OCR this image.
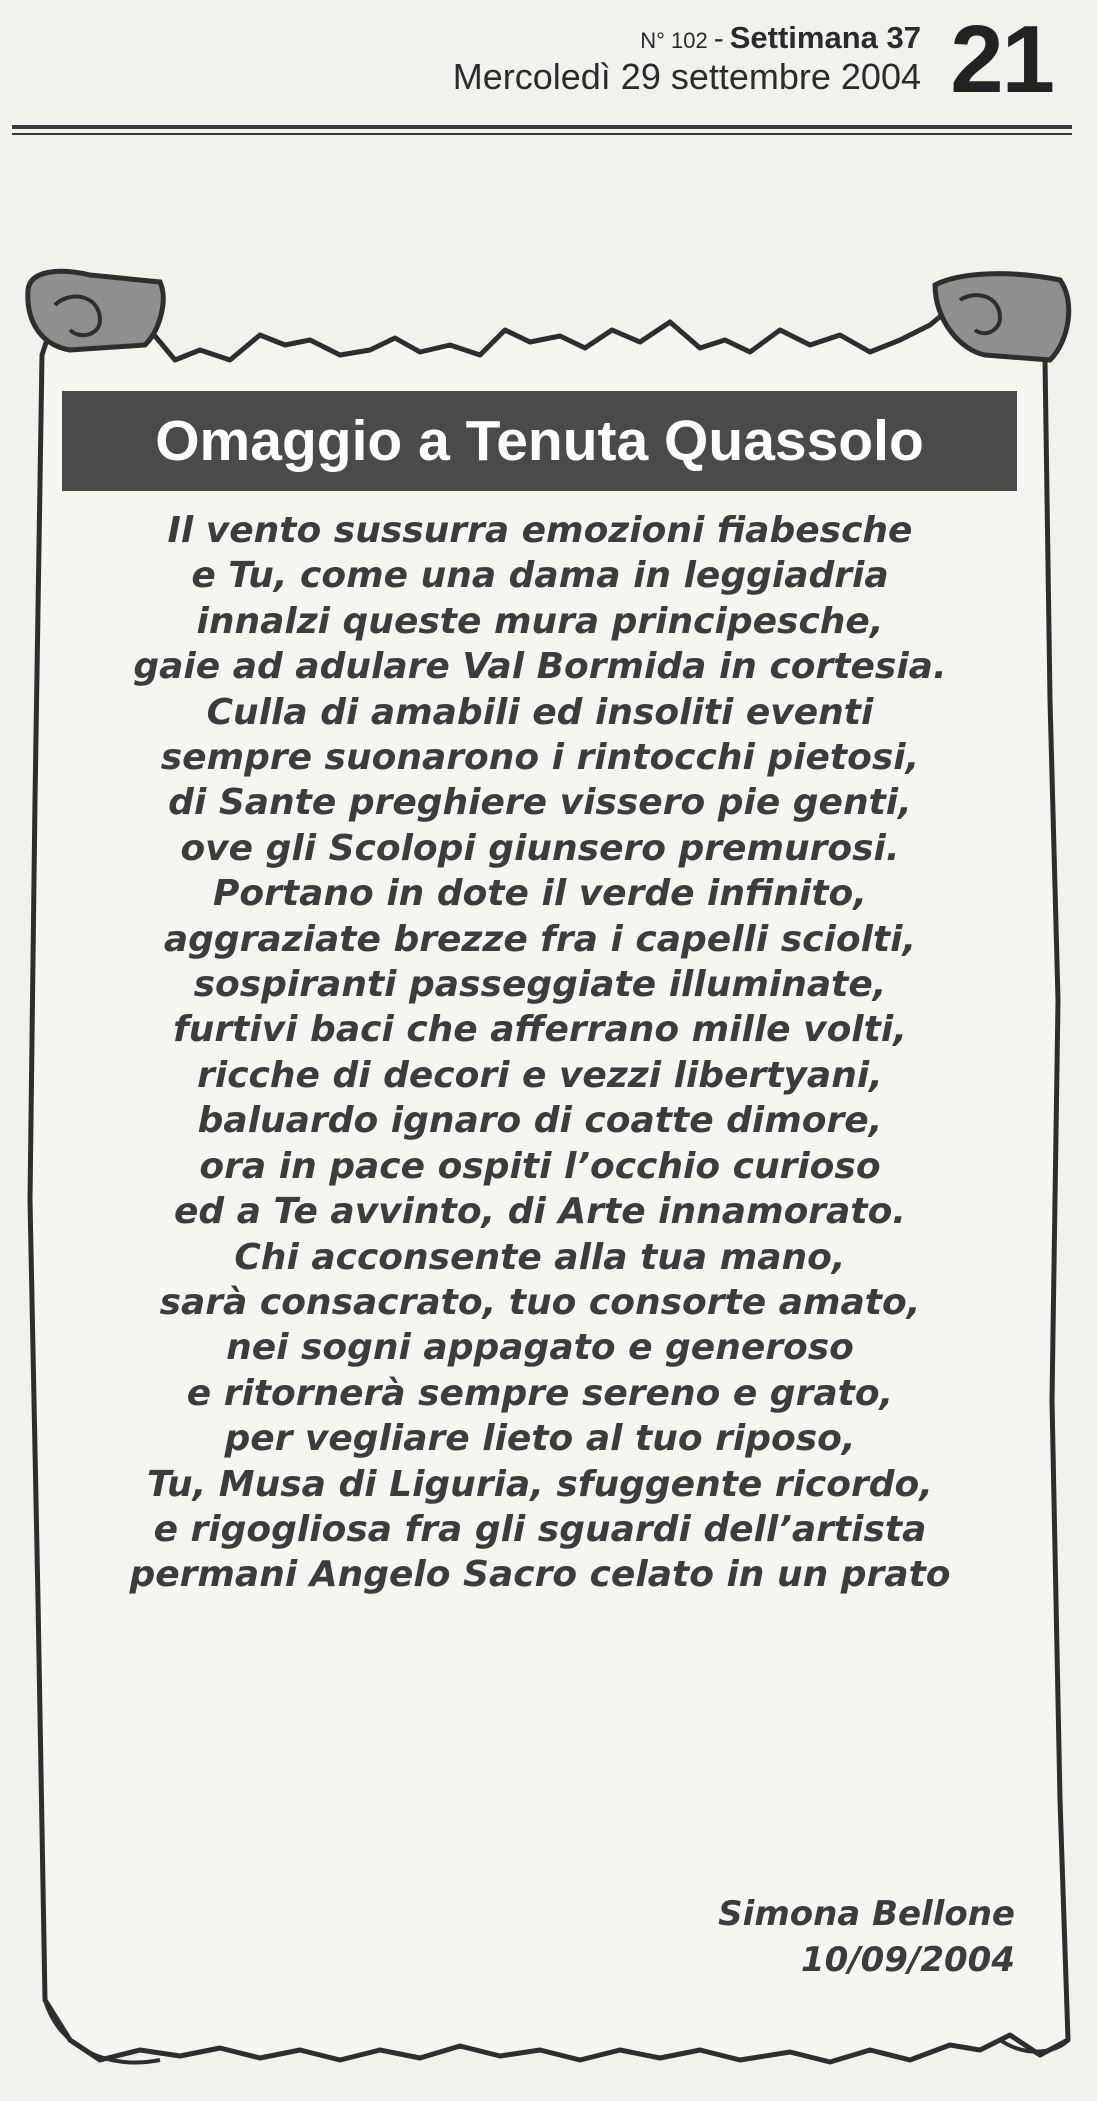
N° 102 - Settimana 37
Mercoledì 29 settembre 2004 21
Omaggio a Tenuta Quassolo
Il vento sussurra emozioni fiabesche
e Tu, come una dama in leggiadria
innalzi queste mura principesche,
gaie ad adulare Val Bormida in cortesia.
Culla di amabili ed insoliti eventi
sempre suonarono i rintocchi pietosi,
di Sante preghiere vissero pie genti,
ove gli Scolopi giunsero premurosi.
Portano in dote il verde infinito,
aggraziate brezze fra i capelli sciolti,
sospiranti passeggiate illuminate,
furtivi baci che afferrano mille volti,
ricche di decori e vezzi libertyani,
baluardo ignaro di coatte dimore,
ora in pace ospiti l’occhio curioso
ed a Te avvinto, di Arte innamorato.
Chi acconsente alla tua mano,
sarà consacrato, tuo consorte amato,
nei sogni appagato e generoso
e ritornerà sempre sereno e grato,
per vegliare lieto al tuo riposo,
Tu, Musa di Liguria, sfuggente ricordo,
e rigogliosa fra gli sguardi dell’artista
permani Angelo Sacro celato in un prato
Simona Bellone
10/09/2004
